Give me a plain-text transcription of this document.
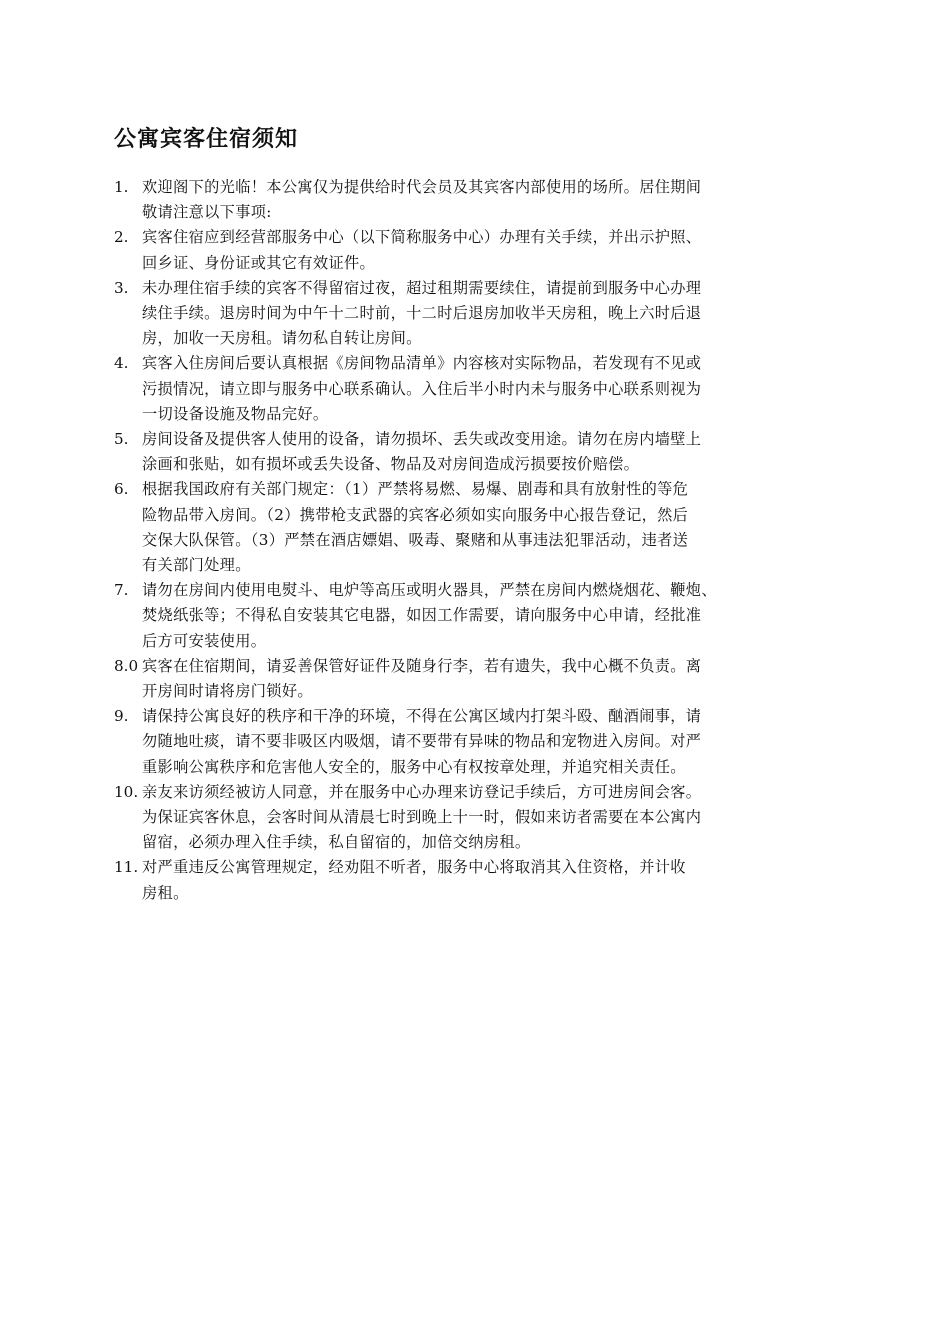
公寓宾客住宿须知
1. 欢迎阁下的光临！本公寓仅为提供给时代会员及其宾客内部使用的场所。居住期间
敬请注意以下事项:
2. 宾客住宿应到经营部服务中心（以下简称服务中心）办理有关手续，并出示护照、
回乡证、身份证或其它有效证件。
3. 未办理住宿手续的宾客不得留宿过夜，超过租期需要续住，请提前到服务中心办理
续住手续。退房时间为中午十二时前，十二时后退房加收半天房租，晚上六时后退
房，加收一天房租。请勿私自转让房间。
4. 宾客入住房间后要认真根据《房间物品清单》内容核对实际物品，若发现有不见或
污损情况，请立即与服务中心联系确认。入住后半小时内未与服务中心联系则视为
一切设备设施及物品完好。
5. 房间设备及提供客人使用的设备，请勿损坏、丢失或改变用途。请勿在房内墙壁上
涂画和张贴，如有损坏或丢失设备、物品及对房间造成污损要按价赔偿。
6. 根据我国政府有关部门规定：（1）严禁将易燃、易爆、剧毒和具有放射性的等危
险物品带入房间。（2）携带枪支武器的宾客必须如实向服务中心报告登记，然后
交保大队保管。（3）严禁在酒店嫖娼、吸毒、聚赌和从事违法犯罪活动，违者送
有关部门处理。
7. 请勿在房间内使用电熨斗、电炉等高压或明火器具，严禁在房间内燃烧烟花、鞭炮、
焚烧纸张等；不得私自安装其它电器，如因工作需要，请向服务中心申请，经批准
后方可安装使用。
8.0 宾客在住宿期间，请妥善保管好证件及随身行李，若有遗失，我中心概不负责。离
开房间时请将房门锁好。
9. 请保持公寓良好的秩序和干净的环境，不得在公寓区域内打架斗殴、酗酒闹事，请
勿随地吐痰，请不要非吸区内吸烟，请不要带有异味的物品和宠物进入房间。对严
重影响公寓秩序和危害他人安全的，服务中心有权按章处理，并追究相关责任。
10. 亲友来访须经被访人同意，并在服务中心办理来访登记手续后，方可进房间会客。
为保证宾客休息，会客时间从清晨七时到晚上十一时，假如来访者需要在本公寓内
留宿，必须办理入住手续，私自留宿的，加倍交纳房租。
11. 对严重违反公寓管理规定，经劝阻不听者，服务中心将取消其入住资格，并计收
房租。
